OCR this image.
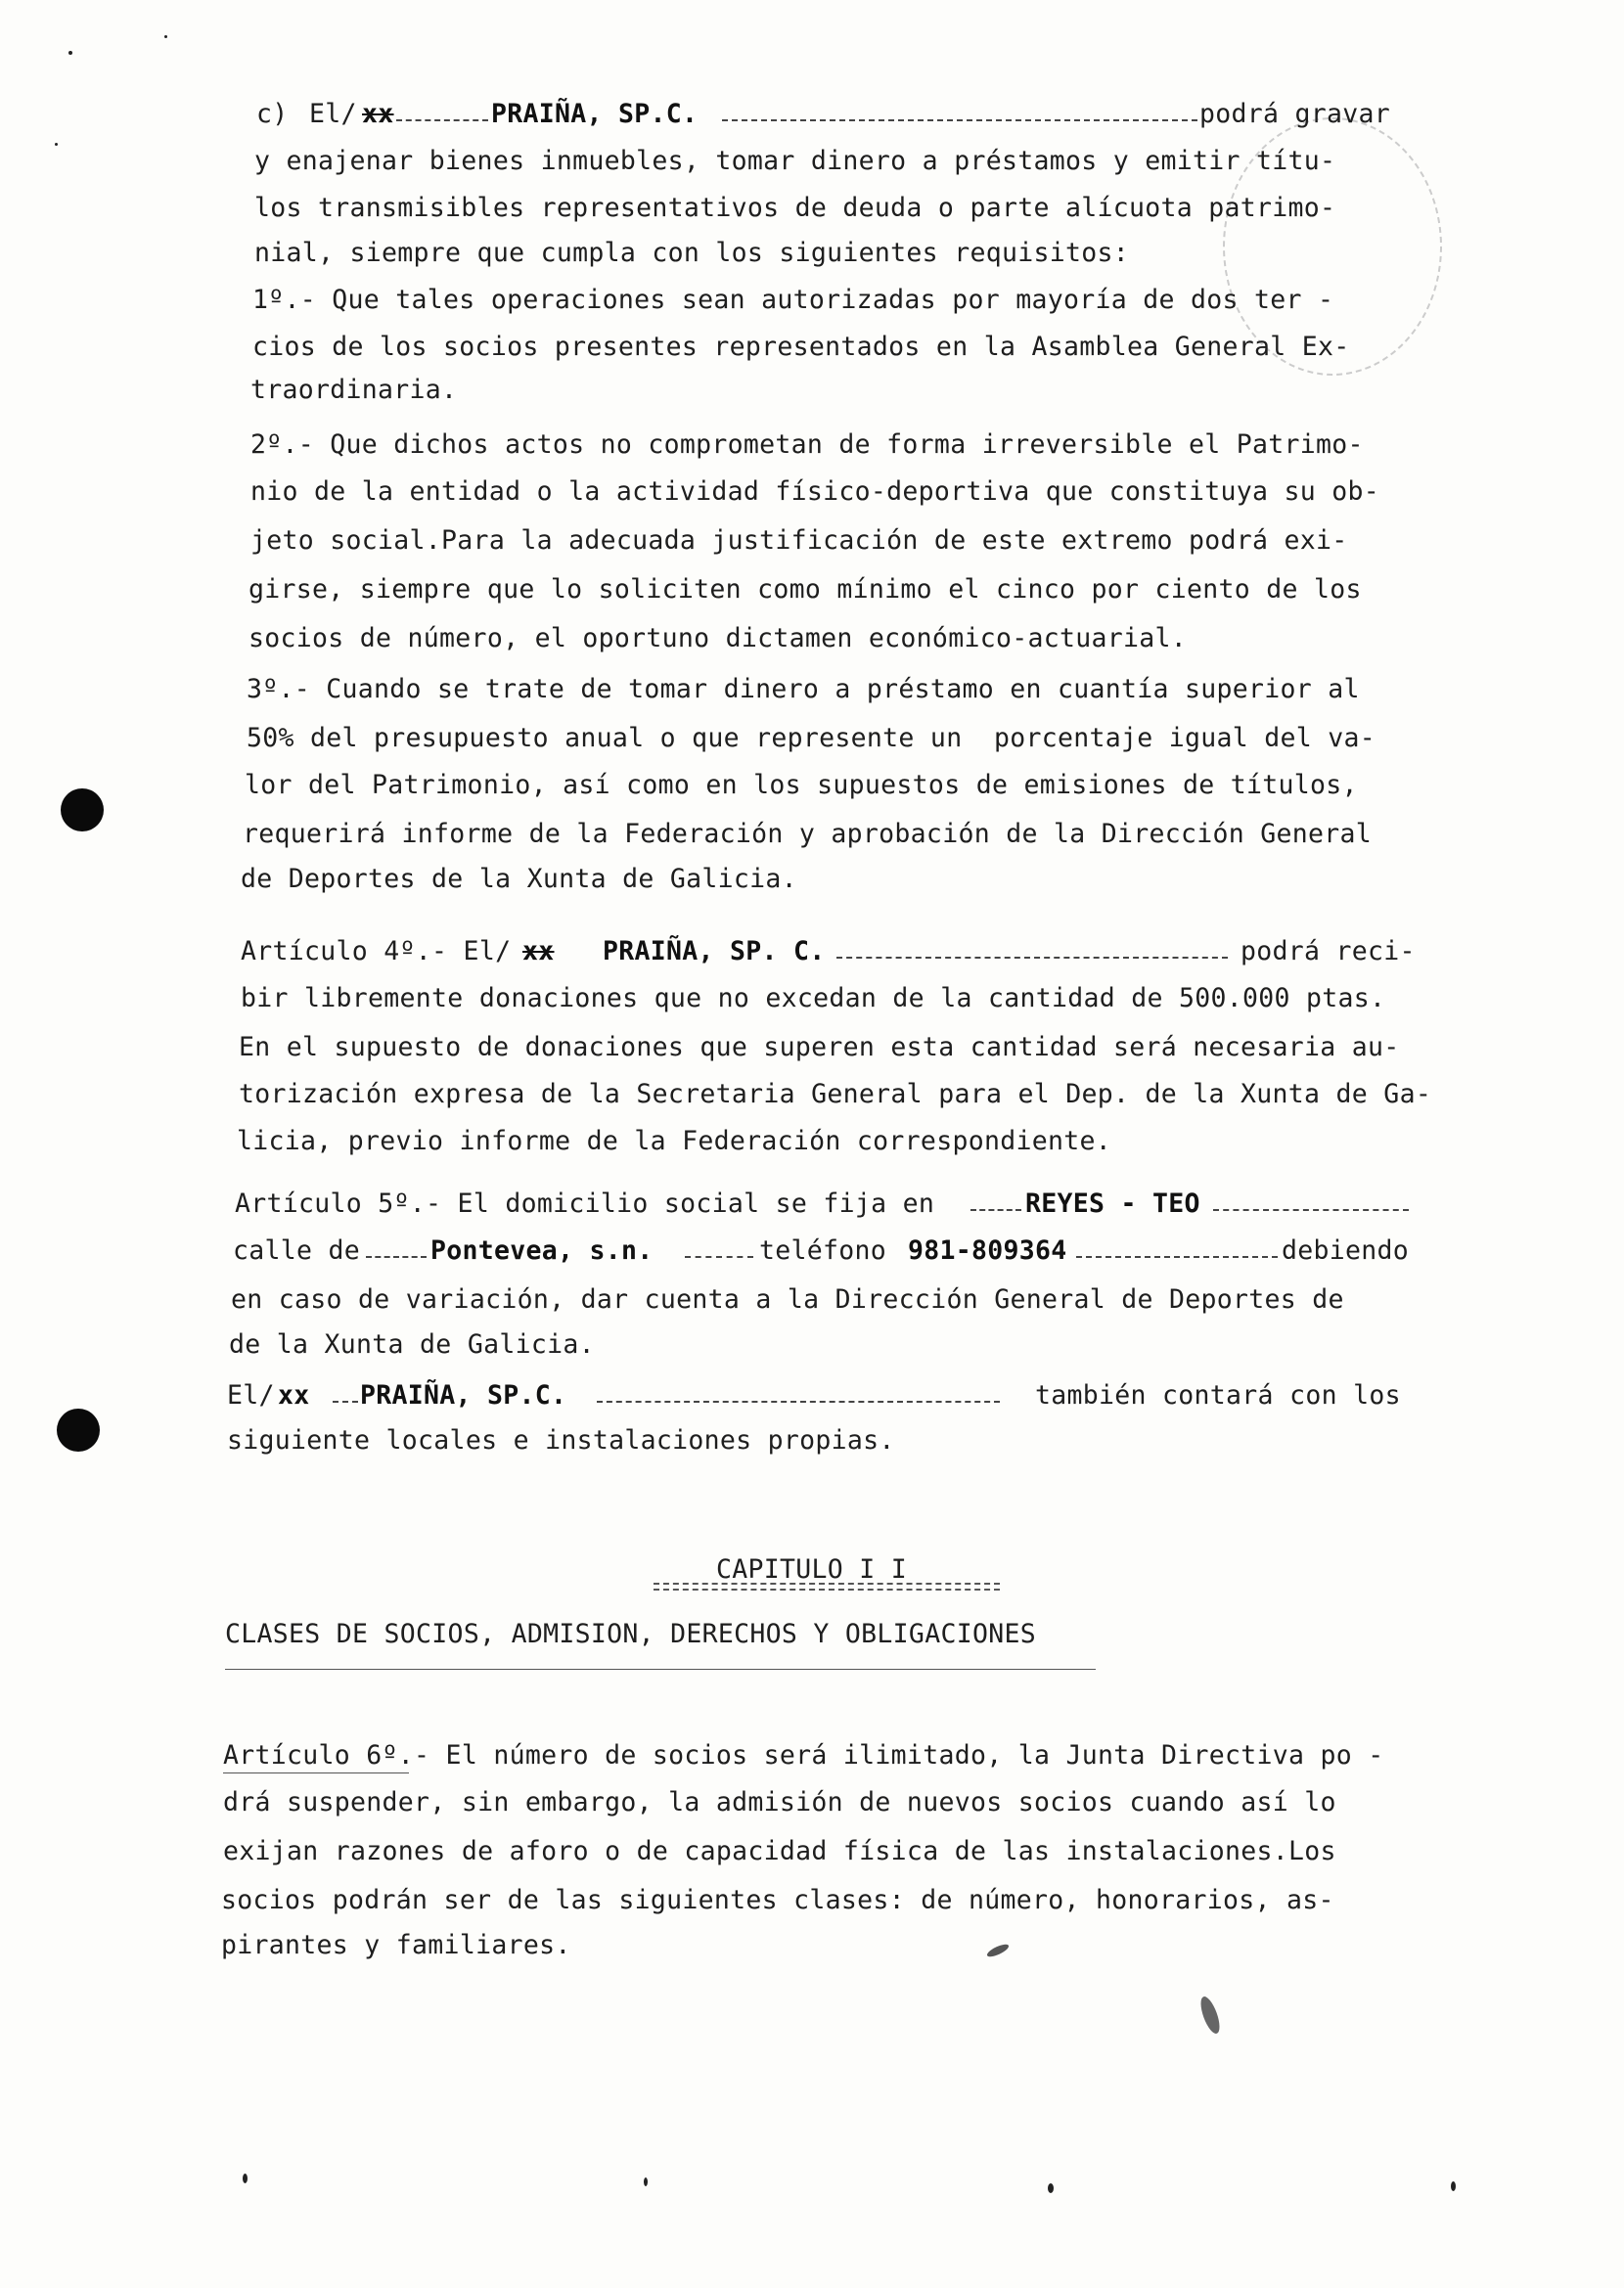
c)

El/

xx

	PRAIÑA, SP.C.

	podrá gravar

y enajenar bienes inmuebles, tomar dinero a préstamos y emitir títu-
los transmisibles representativos de deuda o parte alícuota patrimo-
nial, siempre que cumpla con los siguientes requisitos:
1º.- Que tales operaciones sean autorizadas por mayoría de dos ter -
cios de los socios presentes representados en la Asamblea General Ex-
traordinaria.
2º.- Que dichos actos no comprometan de forma irreversible el Patrimo-
nio de la entidad o la actividad físico-deportiva que constituya su ob-
jeto social.Para la adecuada justificación de este extremo podrá exi-
girse, siempre que lo soliciten como mínimo el cinco por ciento de los
socios de número, el oportuno dictamen económico-actuarial.
3º.- Cuando se trate de tomar dinero a préstamo en cuantía superior al
50% del presupuesto anual o que represente un  porcentaje igual del va-
lor del Patrimonio, así como en los supuestos de emisiones de títulos,
requerirá informe de la Federación y aprobación de la Dirección General
de Deportes de la Xunta de Galicia.

Artículo 4º.- El/

xx

PRAIÑA, SP. C.

	podrá reci-

bir libremente donaciones que no excedan de la cantidad de 500.000 ptas.
En el supuesto de donaciones que superen esta cantidad será necesaria au-
torización expresa de la Secretaria General para el Dep. de la Xunta de Ga-
licia, previo informe de la Federación correspondiente.

Artículo 5º.- El domicilio social se fija en

	REYES - TEO

calle de

	Pontevea, s.n.

	teléfono

981-809364

	debiendo

en caso de variación, dar cuenta a la Dirección General de Deportes de
de la Xunta de Galicia.

El/

xx

PRAIÑA, SP.C.

	también contará con los

siguiente locales e instalaciones propias.

CAPITULO I I

CLASES DE SOCIOS, ADMISION, DERECHOS Y OBLIGACIONES

Artículo 6º.- El número de socios será ilimitado, la Junta Directiva po -
drá suspender, sin embargo, la admisión de nuevos socios cuando así lo
exijan razones de aforo o de capacidad física de las instalaciones.Los
socios podrán ser de las siguientes clases: de número, honorarios, as-
pirantes y familiares.
